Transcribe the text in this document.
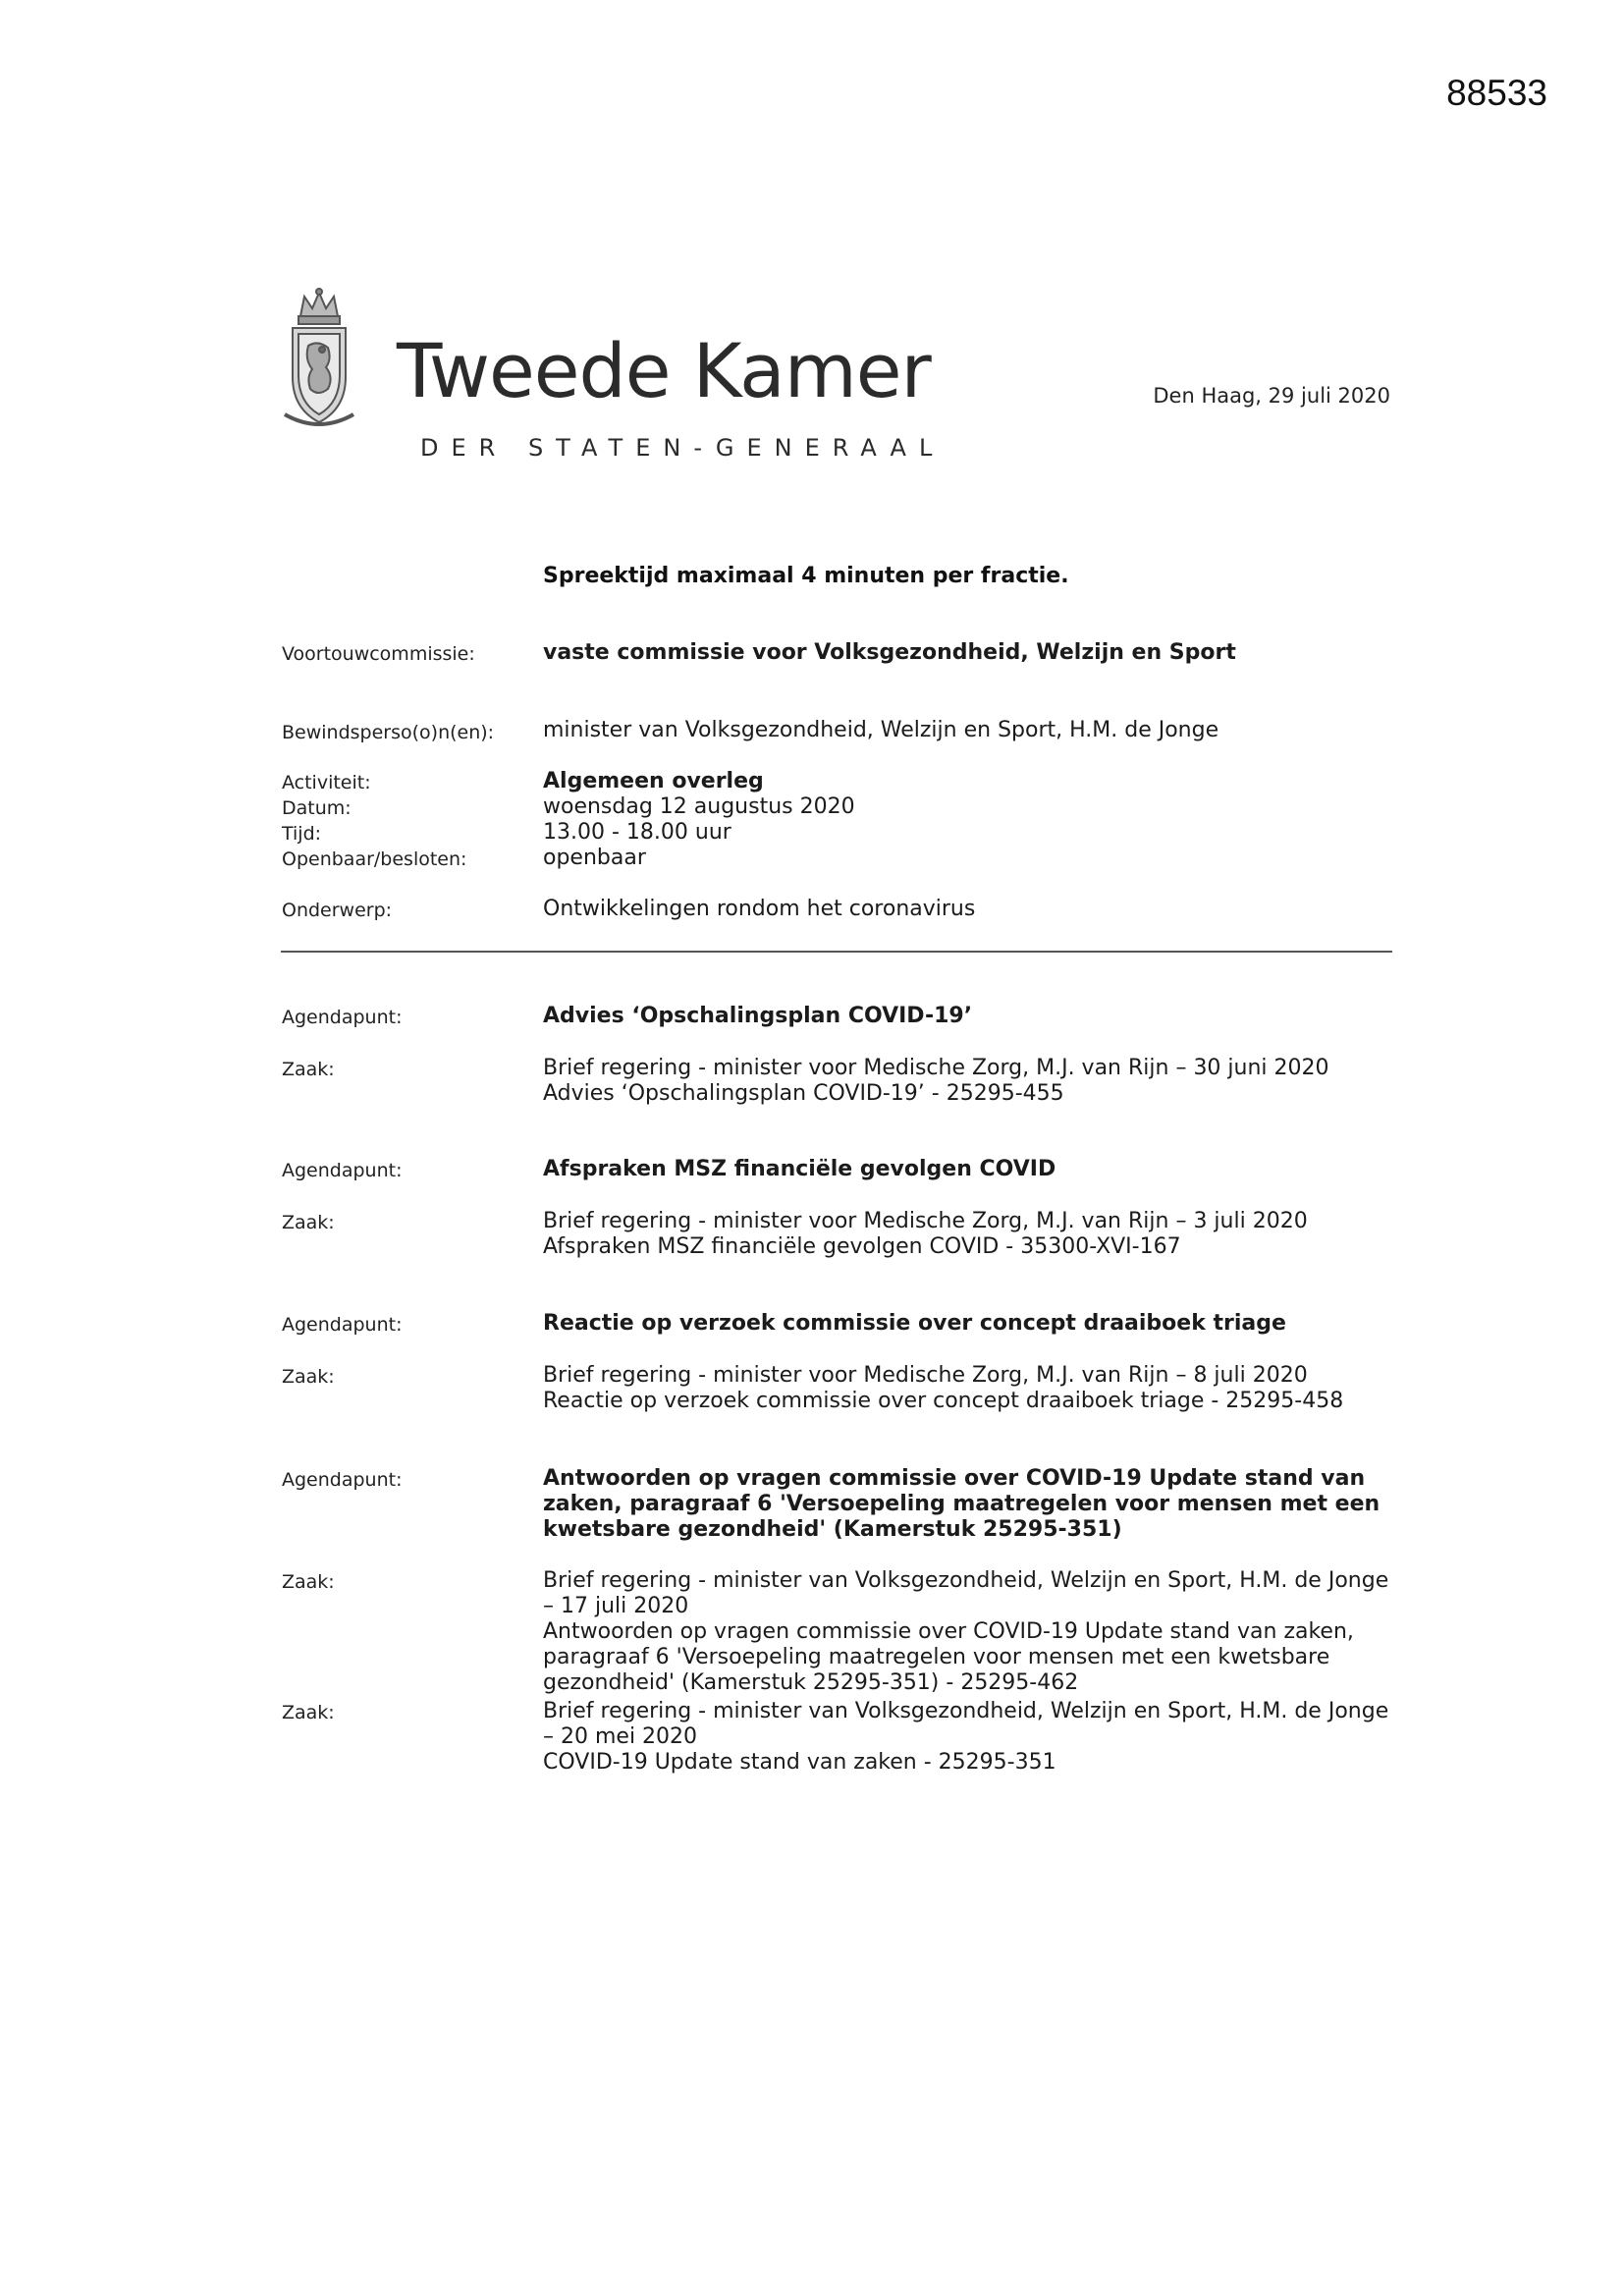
88533
Tweede Kamer
DER STATEN-GENERAAL
Den Haag, 29 juli 2020
Spreektijd maximaal 4 minuten per fractie.
Voortouwcommissie:	vaste commissie voor Volksgezondheid, Welzijn en Sport
Bewindsperso(o)n(en): minister van Volksgezondheid, Welzijn en Sport, H.M. de Jonge
Activiteit:	Algemeen overleg
Datum:	woensdag 12 augustus 2020
Tijd:	13.00 - 18.00 uur
Openbaar/besloten:	openbaar
Onderwerp:	Ontwikkelingen rondom het coronavirus
Agendapunt:	Advies ‘Opschalingsplan COVID-19’
Zaak:	Brief regering - minister voor Medische Zorg, M.J. van Rijn – 30 juni 2020
Advies ‘Opschalingsplan COVID-19’ - 25295-455
Agendapunt:	Afspraken MSZ financiële gevolgen COVID
Zaak:	Brief regering - minister voor Medische Zorg, M.J. van Rijn – 3 juli 2020
Afspraken MSZ financiële gevolgen COVID - 35300-XVI-167
Agendapunt:	Reactie op verzoek commissie over concept draaiboek triage
Zaak:	Brief regering - minister voor Medische Zorg, M.J. van Rijn – 8 juli 2020
Reactie op verzoek commissie over concept draaiboek triage - 25295-458
Agendapunt:	Antwoorden op vragen commissie over COVID-19 Update stand van
zaken, paragraaf 6 'Versoepeling maatregelen voor mensen met een
kwetsbare gezondheid' (Kamerstuk 25295-351)
Zaak:	Brief regering - minister van Volksgezondheid, Welzijn en Sport, H.M. de Jonge
– 17 juli 2020
Antwoorden op vragen commissie over COVID-19 Update stand van zaken,
paragraaf 6 'Versoepeling maatregelen voor mensen met een kwetsbare
gezondheid' (Kamerstuk 25295-351) - 25295-462
Zaak:	Brief regering - minister van Volksgezondheid, Welzijn en Sport, H.M. de Jonge
– 20 mei 2020
COVID-19 Update stand van zaken - 25295-351
